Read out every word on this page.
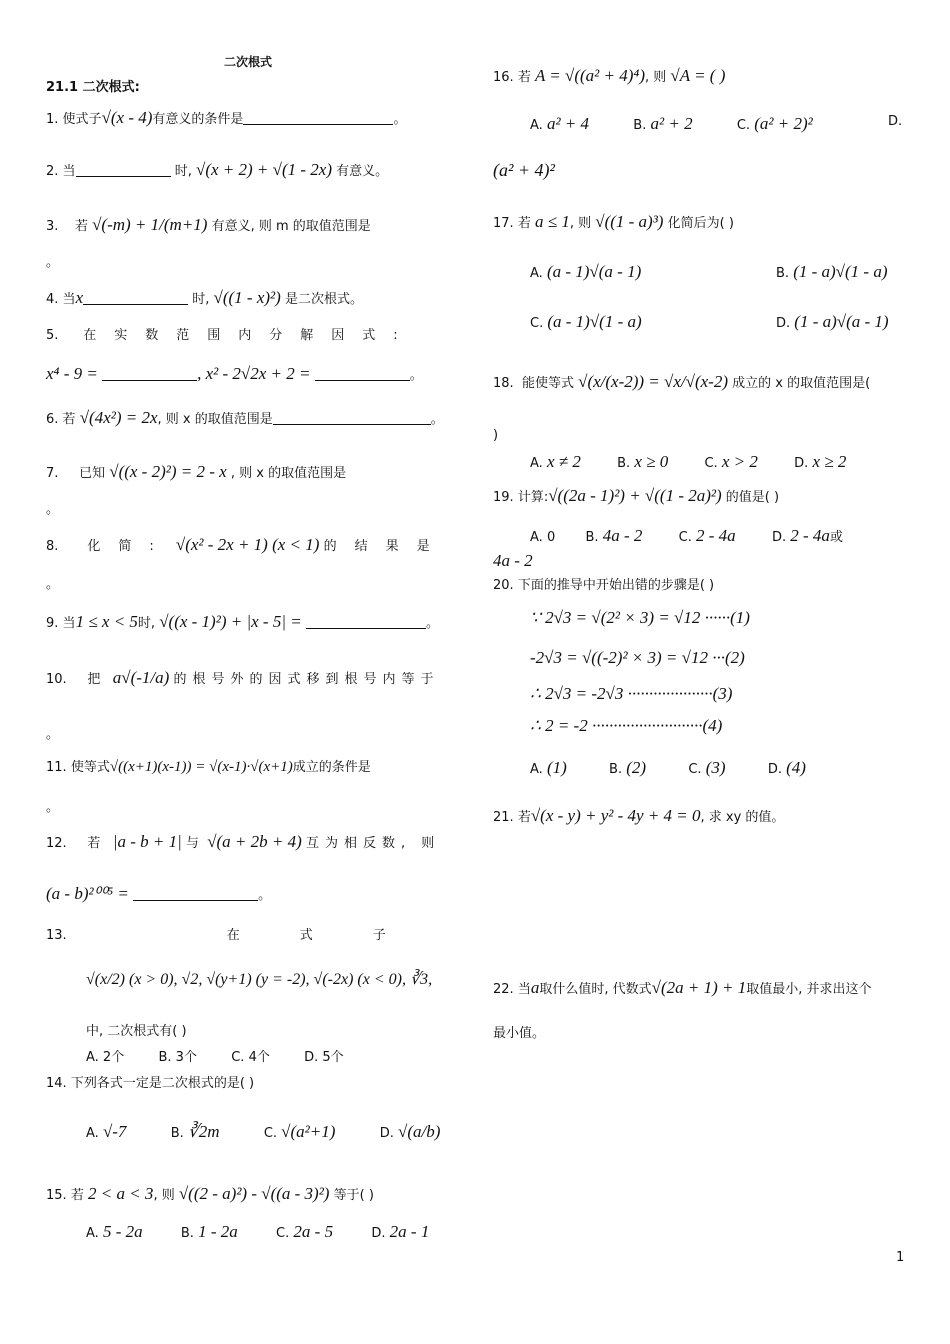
二次根式
21.1 二次根式:
1. 使式子√(x - 4)有意义的条件是	。
2. 当	时, √(x + 2) + √(1 - 2x) 有意义。
3. 若 √(-m) + 1/(m+1) 有意义, 则 m 的取值范围是
。
4. 当x	时, √((1 - x)²) 是二次根式。
5. 在实数范围内分解因式:
x⁴ - 9 =	, x² - 2√2x + 2 =	。
6. 若 √(4x²) = 2x, 则 x 的取值范围是	。
7. 已知 √((x - 2)²) = 2 - x , 则 x 的取值范围是
。
8. 化简: √(x² - 2x + 1) (x < 1) 的结果是
。
9. 当1 ≤ x < 5时, √((x - 1)²) + |x - 5| =	。
10. 把 a√(-1/a) 的根号外的因式移到根号内等于
。
11. 使等式√((x+1)(x-1)) = √(x-1)·√(x+1)成立的条件是
。
12. 若 |a - b + 1| 与 √(a + 2b + 4) 互为相反数, 则
(a - b)²⁰⁰⁵ =	。
13.	在式子
√(x/2) (x > 0), √2, √(y+1) (y = -2), √(-2x) (x < 0), ∛3,
中, 二次根式有( )
A. 2个	B. 3个	C. 4个	D. 5个
14. 下列各式一定是二次根式的是( )
A. √-7	B. ∛2m	C. √(a²+1)	D. √(a/b)
15. 若 2 < a < 3, 则 √((2 - a)²) - √((a - 3)²) 等于( )
A. 5 - 2a	B. 1 - 2a	C. 2a - 5	D. 2a - 1
16. 若 A = √((a² + 4)⁴), 则 √A = ( )
A. a² + 4	B. a² + 2	C. (a² + 2)²	D.
(a² + 4)²
17. 若 a ≤ 1, 则 √((1 - a)³) 化简后为( )
A. (a - 1)√(a - 1)	B. (1 - a)√(1 - a)
C. (a - 1)√(1 - a)	D. (1 - a)√(a - 1)
18. 能使等式 √(x/(x-2)) = √x/√(x-2) 成立的 x 的取值范围是(
)
A. x ≠ 2	B. x ≥ 0	C. x > 2	D. x ≥ 2
19. 计算:√((2a - 1)²) + √((1 - 2a)²) 的值是( )
A. 0 B. 4a - 2	C. 2 - 4a	D. 2 - 4a或
4a - 2
20. 下面的推导中开始出错的步骤是( )
∵ 2√3 = √(2² × 3) = √12 ······(1)
-2√3 = √((-2)² × 3) = √12 ···(2)
∴ 2√3 = -2√3 ····················(3)
∴ 2 = -2 ··························(4)
A. (1)	B. (2)	C. (3)	D. (4)
21. 若√(x - y) + y² - 4y + 4 = 0, 求 xy 的值。
22. 当a取什么值时, 代数式√(2a + 1) + 1取值最小, 并求出这个
最小值。
1
